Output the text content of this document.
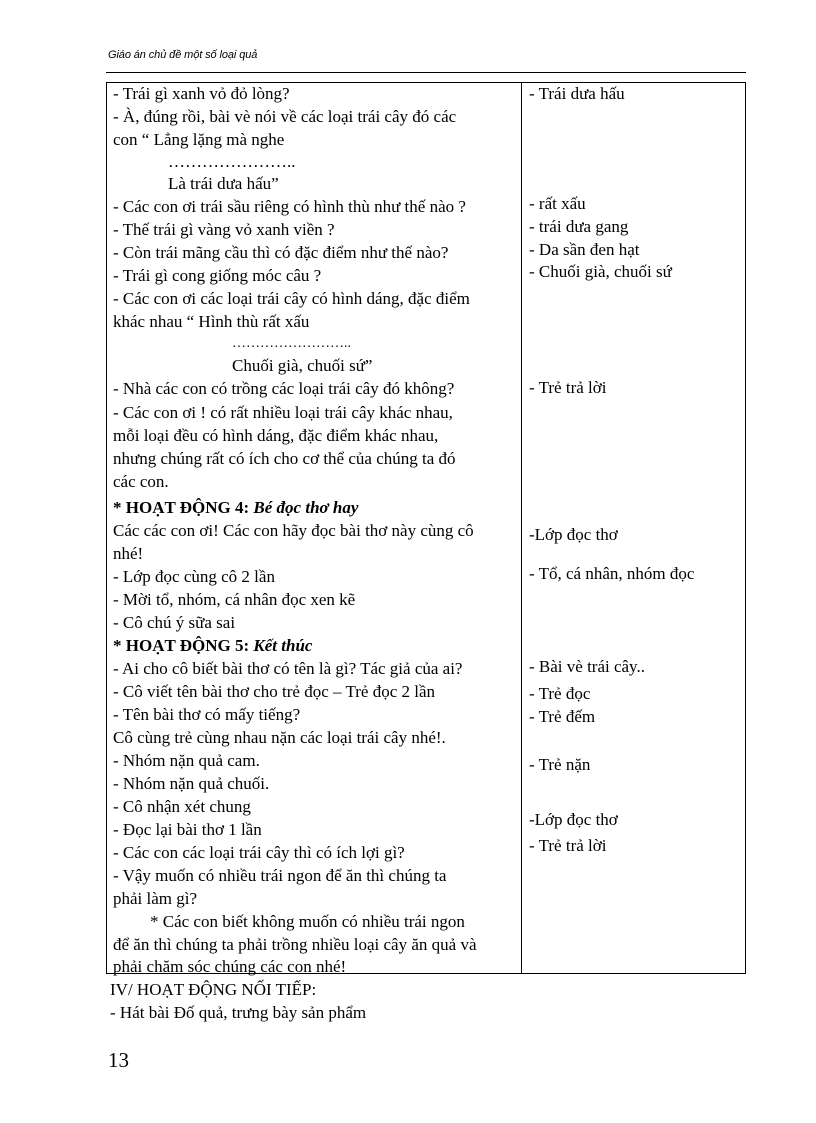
Giáo án chủ đề một số loại quả
- Trái gì xanh vỏ đỏ lòng?
- À, đúng rồi, bài vè nói về các loại trái cây đó các
con “ Lẳng lặng mà nghe
…………………..
Là trái dưa hấu”
- Các con ơi trái sầu riêng có hình thù như thế nào ?
- Thế trái gì vàng vỏ xanh viền ?
- Còn trái mãng cầu thì có đặc điểm như thế nào?
- Trái gì cong giống móc câu ?
- Các con ơi các loại trái cây có hình dáng, đặc điểm
khác nhau “ Hình thù rất xấu
……………………..
Chuối già, chuối sứ”
- Nhà các con có trồng các loại trái cây đó không?
- Các con ơi ! có rất nhiều loại trái cây khác nhau,
mỗi loại đều có hình dáng, đặc điểm khác nhau,
nhưng chúng rất có ích cho cơ thể của chúng ta đó
các con.
* HOẠT ĐỘNG 4: Bé đọc thơ hay
Các các con ơi! Các con hãy đọc bài thơ này cùng cô
nhé!
- Lớp đọc cùng cô 2 lần
- Mời tổ, nhóm, cá nhân đọc xen kẽ
- Cô chú ý sữa sai
* HOẠT ĐỘNG 5: Kết thúc
- Ai cho cô biết bài thơ có tên là gì? Tác giả của ai?
- Cô viết tên bài thơ cho trẻ đọc – Trẻ đọc 2 lần
- Tên bài thơ có mấy tiếng?
Cô cùng trẻ cùng nhau nặn các loại trái cây nhé!.
- Nhóm nặn quả cam.
- Nhóm nặn quả chuối.
- Cô nhận xét chung
- Đọc lại bài thơ 1 lần
- Các con các loại trái cây thì có ích lợi gì?
- Vậy muốn có nhiều trái ngon để ăn thì chúng ta
phải làm gì?
* Các con biết không muốn có nhiều trái ngon
để ăn thì chúng ta phải trồng nhiều loại cây ăn quả và
phải chăm sóc chúng các con nhé!
- Trái dưa hấu
- rất xấu
- trái dưa gang
- Da sần đen hạt
- Chuối già, chuối sứ
- Trẻ trả lời
-Lớp đọc thơ
- Tổ, cá nhân, nhóm đọc
- Bài vè trái cây..
- Trẻ đọc
- Trẻ đếm
- Trẻ nặn
-Lớp đọc thơ
- Trẻ trả lời
IV/ HOẠT ĐỘNG NỐI TIẾP:
- Hát bài Đố quả, trưng bày sản phẩm
13
